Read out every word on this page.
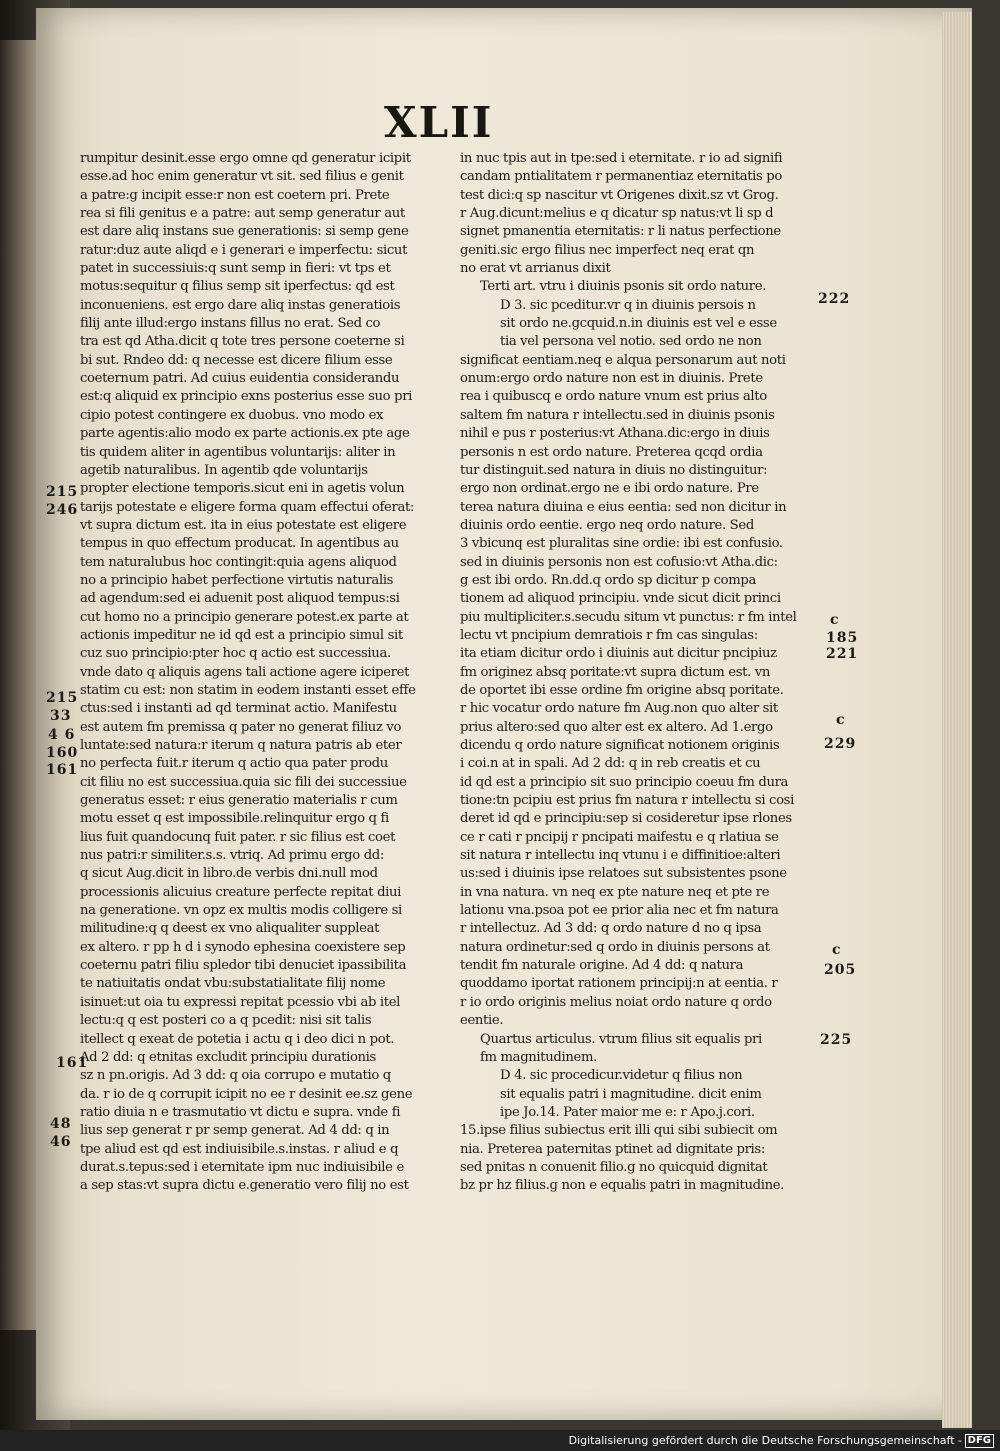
XLII
rumpitur desinit.esse ergo omne qd generatur icipit
esse.ad hoc enim generatur vt sit. sed filius e genit
a patre:g incipit esse:r non est coetern pri. Prete
rea si fili genitus e a patre: aut semp generatur aut
est dare aliq instans sue generationis: si semp gene
ratur:duz aute aliqd e i generari e imperfectu: sicut
patet in successiuis:q sunt semp in fieri: vt tps et
motus:sequitur q filius semp sit iperfectus: qd est
inconueniens. est ergo dare aliq instas generatiois
filij ante illud:ergo instans fillus no erat. Sed co
tra est qd Atha.dicit q tote tres persone coeterne si
bi sut. Rndeo dd: q necesse est dicere filium esse
coeternum patri. Ad cuius euidentia considerandu
est:q aliquid ex principio exns posterius esse suo pri
cipio potest contingere ex duobus. vno modo ex
parte agentis:alio modo ex parte actionis.ex pte age
tis quidem aliter in agentibus voluntarijs: aliter in
agetib naturalibus. In agentib qde voluntarijs
propter electione temporis.sicut eni in agetis volun
tarijs potestate e eligere forma quam effectui oferat:
vt supra dictum est. ita in eius potestate est eligere
tempus in quo effectum producat. In agentibus au
tem naturalubus hoc contingit:quia agens aliquod
no a principio habet perfectione virtutis naturalis
ad agendum:sed ei aduenit post aliquod tempus:si
cut homo no a principio generare potest.ex parte at
actionis impeditur ne id qd est a principio simul sit
cuz suo principio:pter hoc q actio est successiua.
vnde dato q aliquis agens tali actione agere iciperet
statim cu est: non statim in eodem instanti esset effe
ctus:sed i instanti ad qd terminat actio. Manifestu
est autem fm premissa q pater no generat filiuz vo
luntate:sed natura:r iterum q natura patris ab eter
no perfecta fuit.r iterum q actio qua pater produ
cit filiu no est successiua.quia sic fili dei successiue
generatus esset: r eius generatio materialis r cum
motu esset q est impossibile.relinquitur ergo q fi
lius fuit quandocunq fuit pater. r sic filius est coet
nus patri:r similiter.s.s. vtriq. Ad primu ergo dd:
q sicut Aug.dicit in libro.de verbis dni.null mod
processionis alicuius creature perfecte repitat diui
na generatione. vn opz ex multis modis colligere si
militudine:q q deest ex vno aliqualiter suppleat
ex altero. r pp h d i synodo ephesina coexistere sep
coeternu patri filiu spledor tibi denuciet ipassibilita
te natiuitatis ondat vbu:substatialitate filij nome
isinuet:ut oia tu expressi repitat pcessio vbi ab itel
lectu:q q est posteri co a q pcedit: nisi sit talis
itellect q exeat de potetia i actu q i deo dici n pot.
Ad 2 dd: q etnitas excludit principiu durationis
sz n pn.origis. Ad 3 dd: q oia corrupo e mutatio q
da. r io de q corrupit icipit no ee r desinit ee.sz gene
ratio diuia n e trasmutatio vt dictu e supra. vnde fi
lius sep generat r pr semp generat. Ad 4 dd: q in
tpe aliud est qd est indiuisibile.s.instas. r aliud e q
durat.s.tepus:sed i eternitate ipm nuc indiuisibile e
a sep stas:vt supra dictu e.generatio vero filij no est
in nuc tpis aut in tpe:sed i eternitate. r io ad signifi
candam pntialitatem r permanentiaz eternitatis po
test dici:q sp nascitur vt Origenes dixit.sz vt Grog.
r Aug.dicunt:melius e q dicatur sp natus:vt li sp d
signet pmanentia eternitatis: r li natus perfectione
geniti.sic ergo filius nec imperfect neq erat qn
no erat vt arrianus dixit
Terti art. vtru i diuinis psonis sit ordo nature.
D 3. sic pceditur.vr q in diuinis persois n
sit ordo ne.gcquid.n.in diuinis est vel e esse
tia vel persona vel notio. sed ordo ne non
significat eentiam.neq e alqua personarum aut noti
onum:ergo ordo nature non est in diuinis. Prete
rea i quibuscq e ordo nature vnum est prius alto
saltem fm natura r intellectu.sed in diuinis psonis
nihil e pus r posterius:vt Athana.dic:ergo in diuis
personis n est ordo nature. Preterea qcqd ordia
tur distinguit.sed natura in diuis no distinguitur:
ergo non ordinat.ergo ne e ibi ordo nature. Pre
terea natura diuina e eius eentia: sed non dicitur in
diuinis ordo eentie. ergo neq ordo nature. Sed
3 vbicunq est pluralitas sine ordie: ibi est confusio.
sed in diuinis personis non est cofusio:vt Atha.dic:
g est ibi ordo. Rn.dd.q ordo sp dicitur p compa
tionem ad aliquod principiu. vnde sicut dicit princi
piu multipliciter.s.secudu situm vt punctus: r fm intel
lectu vt pncipium demratiois r fm cas singulas:
ita etiam dicitur ordo i diuinis aut dicitur pncipiuz
fm originez absq poritate:vt supra dictum est. vn
de oportet ibi esse ordine fm origine absq poritate.
r hic vocatur ordo nature fm Aug.non quo alter sit
prius altero:sed quo alter est ex altero. Ad 1.ergo
dicendu q ordo nature significat notionem originis
i coi.n at in spali. Ad 2 dd: q in reb creatis et cu
id qd est a principio sit suo principio coeuu fm dura
tione:tn pcipiu est prius fm natura r intellectu si cosi
deret id qd e principiu:sep si cosideretur ipse rlones
ce r cati r pncipij r pncipati maifestu e q rlatiua se
sit natura r intellectu inq vtunu i e diffinitioe:alteri
us:sed i diuinis ipse relatoes sut subsistentes psone
in vna natura. vn neq ex pte nature neq et pte re
lationu vna.psoa pot ee prior alia nec et fm natura
r intellectuz. Ad 3 dd: q ordo nature d no q ipsa
natura ordinetur:sed q ordo in diuinis persons at
tendit fm naturale origine. Ad 4 dd: q natura
quoddamo iportat rationem principij:n at eentia. r
r io ordo originis melius noiat ordo nature q ordo
eentie.
Quartus articulus. vtrum filius sit equalis pri
fm magnitudinem.
D 4. sic procedicur.videtur q filius non
sit equalis patri i magnitudine. dicit enim
ipe Jo.14. Pater maior me e: r Apo.j.cori.
15.ipse filius subiectus erit illi qui sibi subiecit om
nia. Preterea paternitas ptinet ad dignitate pris:
sed pnitas n conuenit filio.g no quicquid dignitat
bz pr hz filius.g non e equalis patri in magnitudine.
215
246
215
33
4 6
160
161
161
48
46
222
c
185
221
c
229
c
205
225
Digitalisierung gefördert durch die Deutsche Forschungsgemeinschaft - DFG
